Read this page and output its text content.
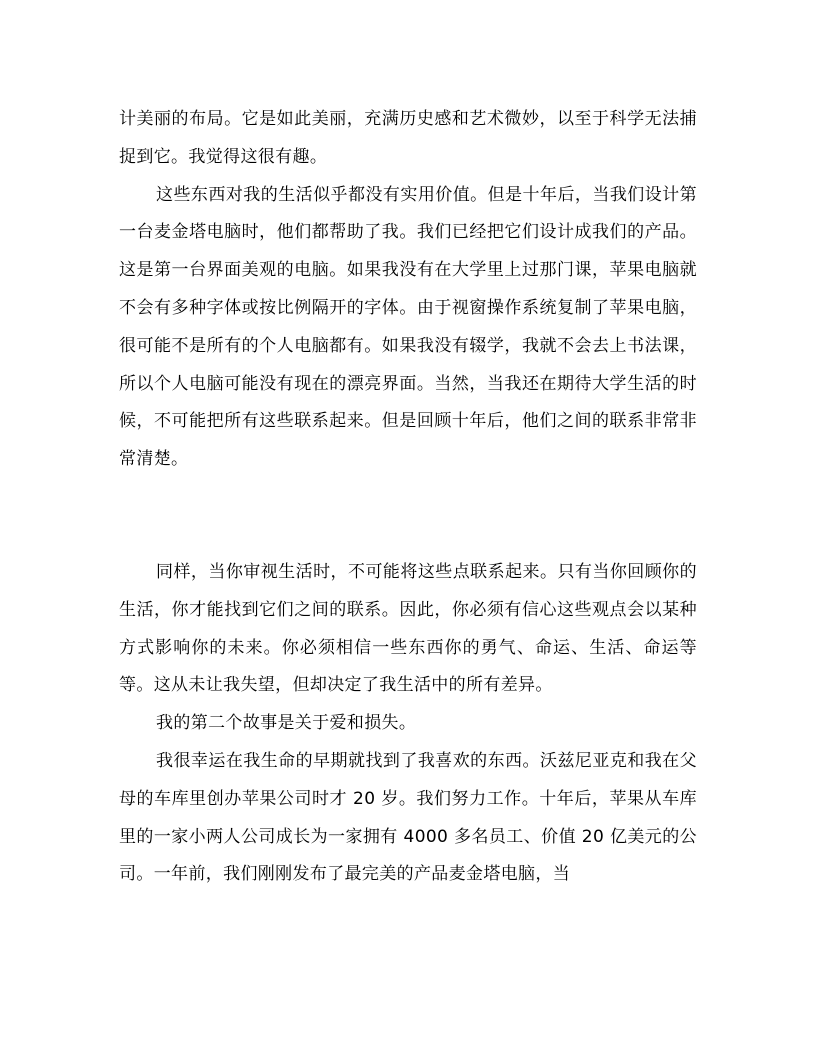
计美丽的布局。它是如此美丽，充满历史感和艺术微妙，以至于科学无法捕捉到它。我觉得这很有趣。

这些东西对我的生活似乎都没有实用价值。但是十年后，当我们设计第一台麦金塔电脑时，他们都帮助了我。我们已经把它们设计成我们的产品。这是第一台界面美观的电脑。如果我没有在大学里上过那门课，苹果电脑就不会有多种字体或按比例隔开的字体。由于视窗操作系统复制了苹果电脑，很可能不是所有的个人电脑都有。如果我没有辍学，我就不会去上书法课，所以个人电脑可能没有现在的漂亮界面。当然，当我还在期待大学生活的时候，不可能把所有这些联系起来。但是回顾十年后，他们之间的联系非常非常清楚。

同样，当你审视生活时，不可能将这些点联系起来。只有当你回顾你的生活，你才能找到它们之间的联系。因此，你必须有信心这些观点会以某种方式影响你的未来。你必须相信一些东西你的勇气、命运、生活、命运等等。这从未让我失望，但却决定了我生活中的所有差异。

我的第二个故事是关于爱和损失。

我很幸运在我生命的早期就找到了我喜欢的东西。沃兹尼亚克和我在父母的车库里创办苹果公司时才 20 岁。我们努力工作。十年后，苹果从车库里的一家小两人公司成长为一家拥有 4000 多名员工、价值 20 亿美元的公司。一年前，我们刚刚发布了最完美的产品麦金塔电脑，当
